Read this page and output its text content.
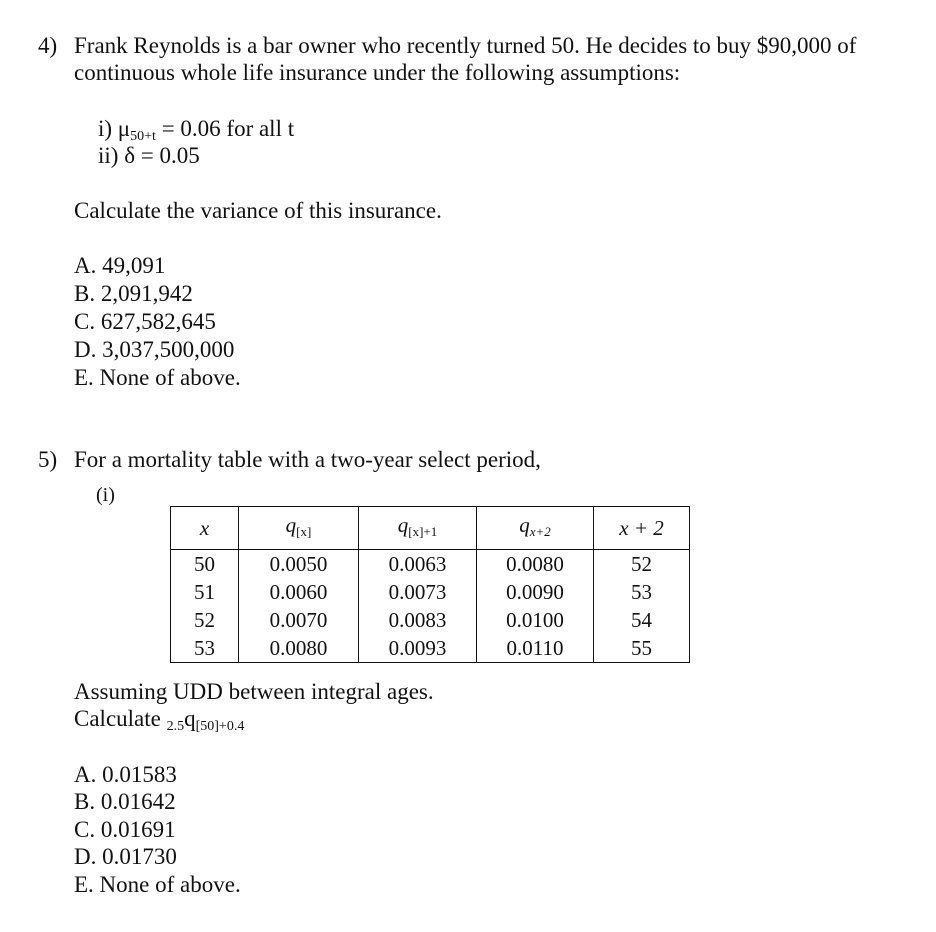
4) Frank Reynolds is a bar owner who recently turned 50. He decides to buy $90,000 of
continuous whole life insurance under the following assumptions:
i) $\mu_{50+t} = 0.06$ for all t
ii) δ = 0.05
Calculate the variance of this insurance.
A. 49,091
B. 2,091,942
C. 627,582,645
D. 3,037,500,000
E. None of above.
5) For a mortality table with a two-year select period,
(i)
x	q[x]	q[x]+1	qx+2	x + 2
50	0.0050	0.0063	0.0080	52
51	0.0060	0.0073	0.0090	53
52	0.0070	0.0083	0.0100	54
53	0.0080	0.0093	0.0110	55
Assuming UDD between integral ages.
Calculate $2.5q_{[50]+0.4}$
A. 0.01583
B. 0.01642
C. 0.01691
D. 0.01730
E. None of above.
